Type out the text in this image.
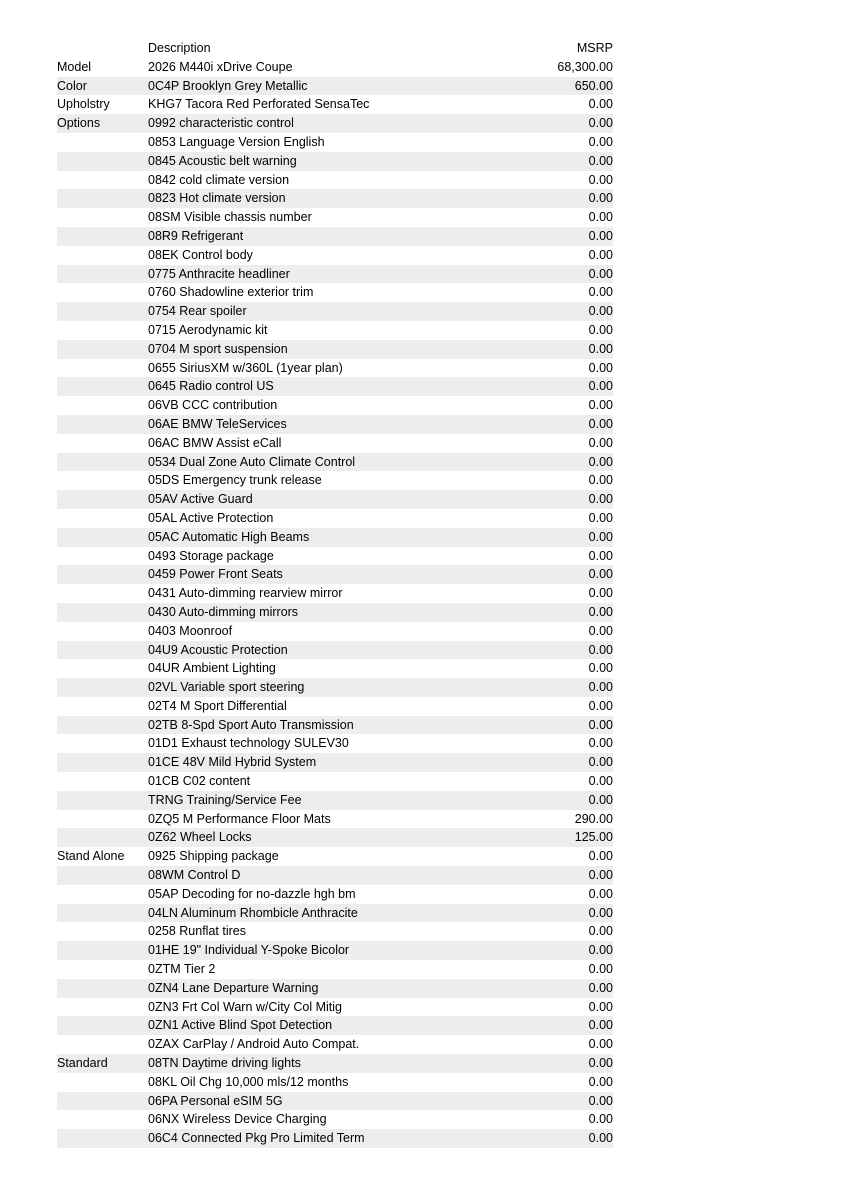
	Description	MSRP
Model	2026 M440i xDrive Coupe	68,300.00
Color	0C4P Brooklyn Grey Metallic	650.00
Upholstry	KHG7 Tacora Red Perforated SensaTec	0.00
Options	0992 characteristic control	0.00
	0853 Language Version English	0.00
	0845 Acoustic belt warning	0.00
	0842 cold climate version	0.00
	0823 Hot climate version	0.00
	08SM Visible chassis number	0.00
	08R9 Refrigerant	0.00
	08EK Control body	0.00
	0775 Anthracite headliner	0.00
	0760 Shadowline exterior trim	0.00
	0754 Rear spoiler	0.00
	0715 Aerodynamic kit	0.00
	0704 M sport suspension	0.00
	0655 SiriusXM w/360L (1year plan)	0.00
	0645 Radio control US	0.00
	06VB CCC contribution	0.00
	06AE BMW TeleServices	0.00
	06AC BMW Assist eCall	0.00
	0534 Dual Zone Auto Climate Control	0.00
	05DS Emergency trunk release	0.00
	05AV Active Guard	0.00
	05AL Active Protection	0.00
	05AC Automatic High Beams	0.00
	0493 Storage package	0.00
	0459 Power Front Seats	0.00
	0431 Auto-dimming rearview mirror	0.00
	0430 Auto-dimming mirrors	0.00
	0403 Moonroof	0.00
	04U9 Acoustic Protection	0.00
	04UR Ambient Lighting	0.00
	02VL Variable sport steering	0.00
	02T4 M Sport Differential	0.00
	02TB 8-Spd Sport Auto Transmission	0.00
	01D1 Exhaust technology SULEV30	0.00
	01CE 48V Mild Hybrid System	0.00
	01CB C02 content	0.00
	TRNG Training/Service Fee	0.00
	0ZQ5 M Performance Floor Mats	290.00
	0Z62 Wheel Locks	125.00
Stand Alone	0925 Shipping package	0.00
	08WM Control D	0.00
	05AP Decoding for no-dazzle hgh bm	0.00
	04LN Aluminum Rhombicle Anthracite	0.00
	0258 Runflat tires	0.00
	01HE 19" Individual Y-Spoke Bicolor	0.00
	0ZTM Tier 2	0.00
	0ZN4 Lane Departure Warning	0.00
	0ZN3 Frt Col Warn w/City Col Mitig	0.00
	0ZN1 Active Blind Spot Detection	0.00
	0ZAX CarPlay / Android Auto Compat.	0.00
Standard	08TN Daytime driving lights	0.00
	08KL Oil Chg 10,000 mls/12 months	0.00
	06PA Personal eSIM 5G	0.00
	06NX Wireless Device Charging	0.00
	06C4 Connected Pkg Pro Limited Term	0.00
